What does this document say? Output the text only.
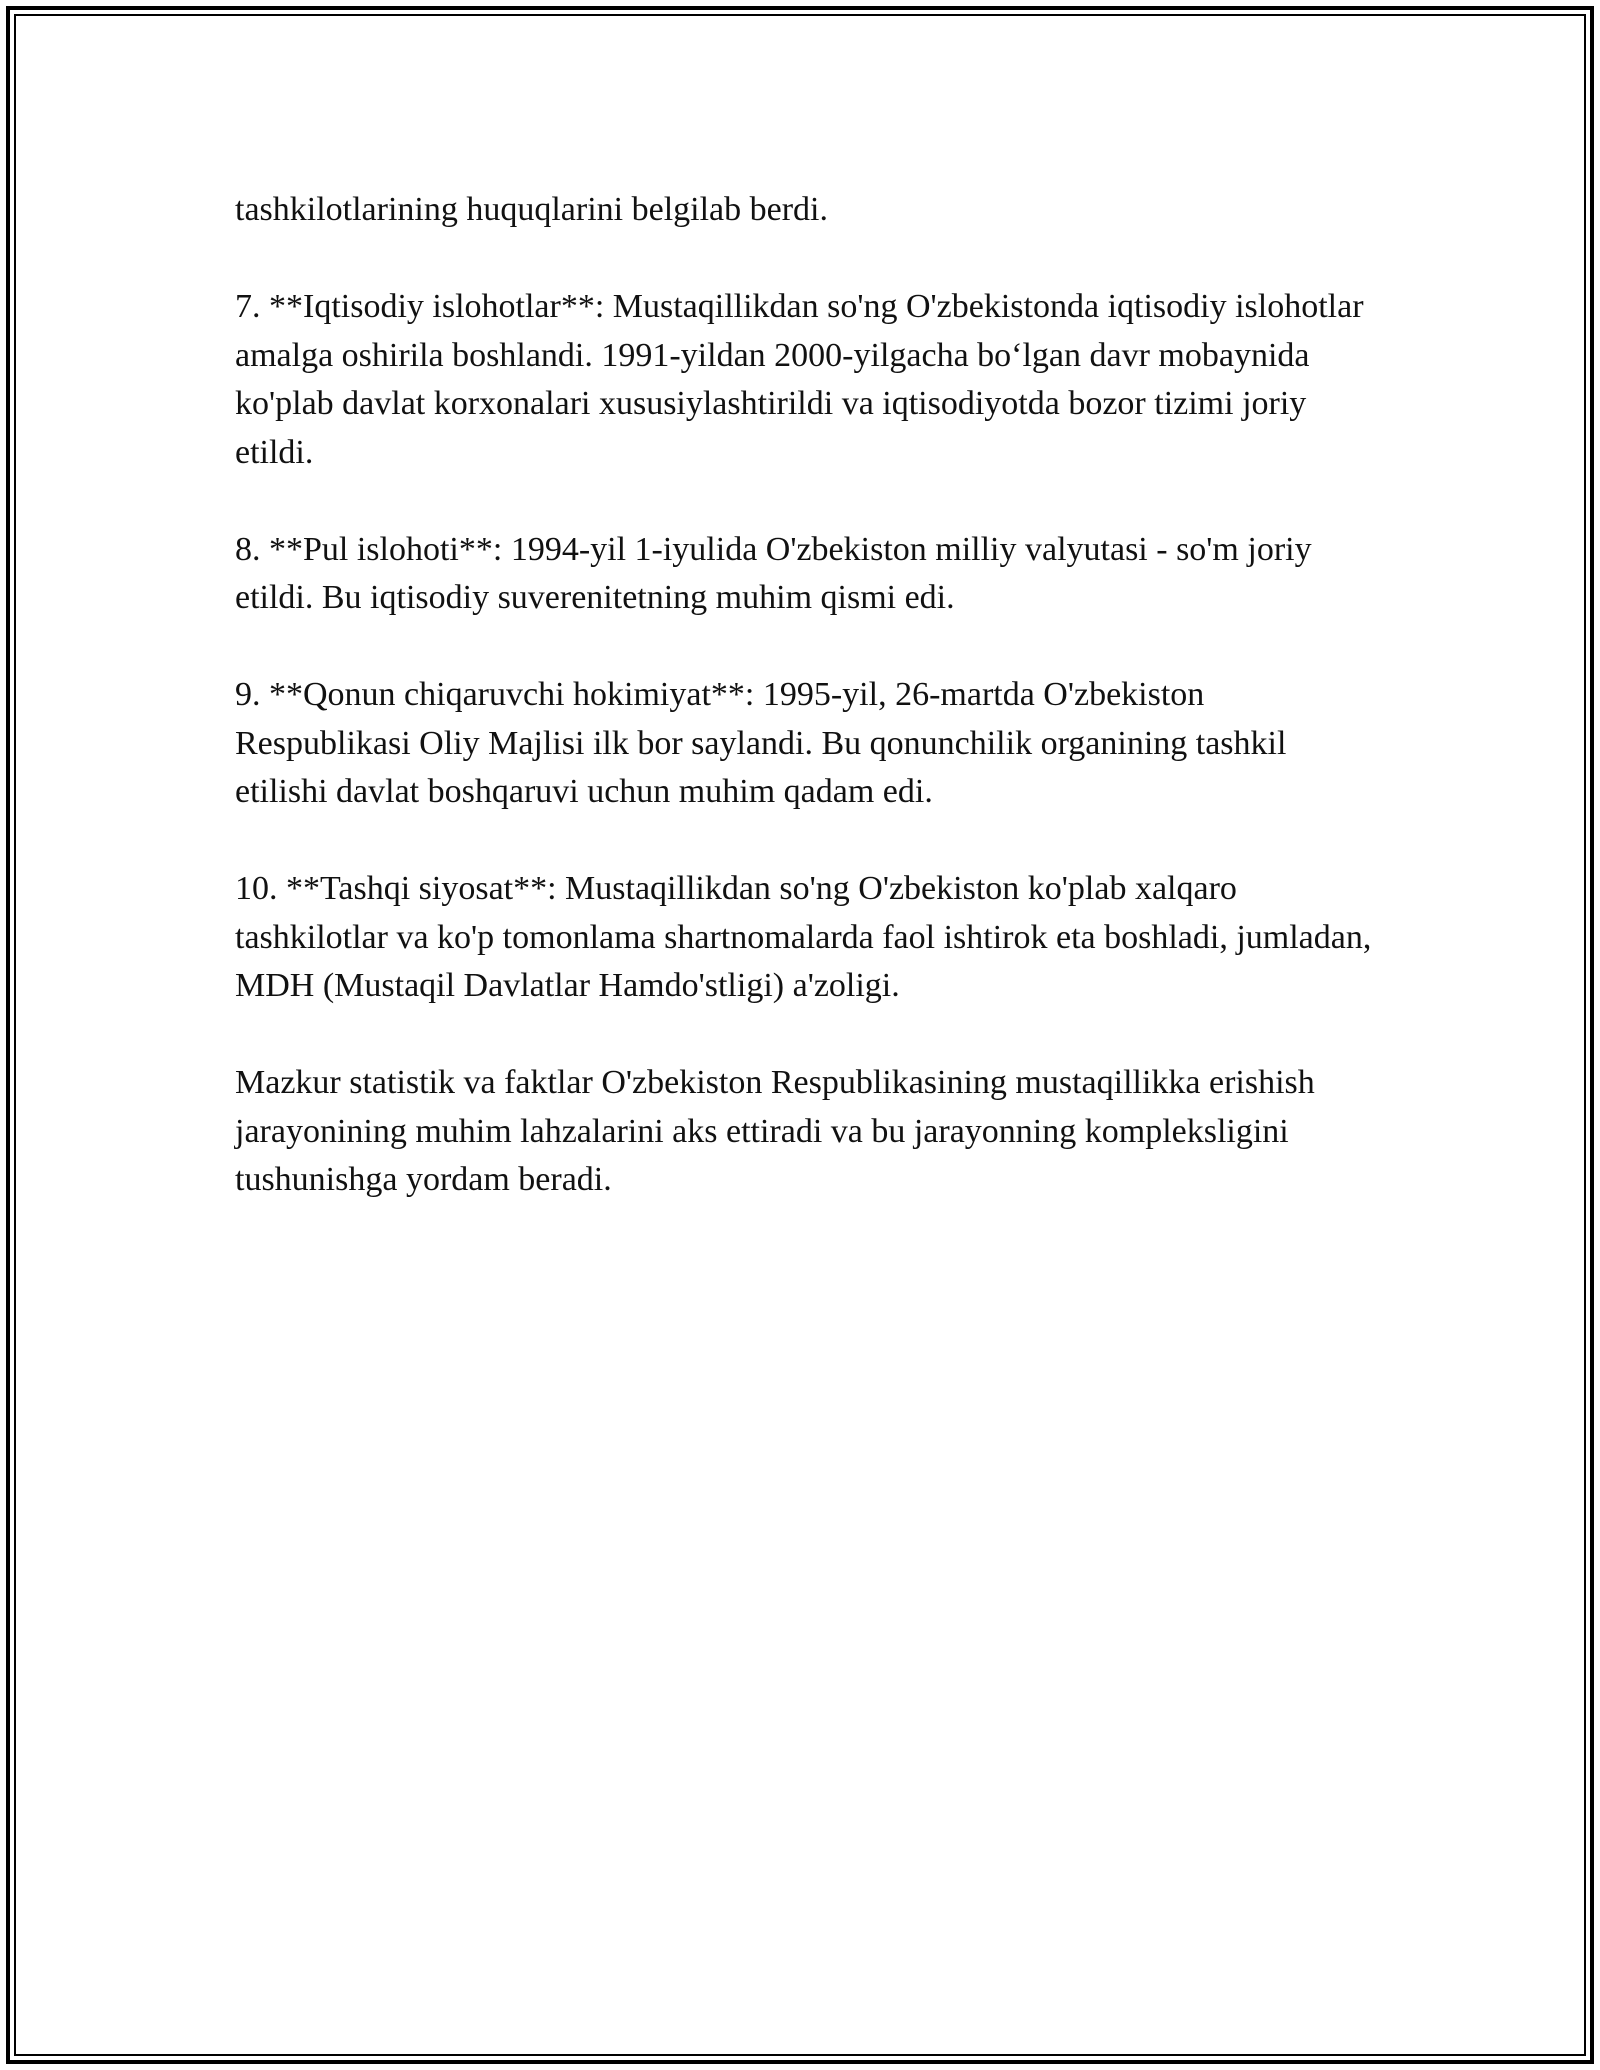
tashkilotlarining huquqlarini belgilab berdi.

7. **Iqtisodiy islohotlar**: Mustaqillikdan so'ng O'zbekistonda iqtisodiy islohotlar amalga oshirila boshlandi. 1991-yildan 2000-yilgacha bo‘lgan davr mobaynida ko'plab davlat korxonalari xususiylashtirildi va iqtisodiyotda bozor tizimi joriy etildi.

8. **Pul islohoti**: 1994-yil 1-iyulida O'zbekiston milliy valyutasi - so'm joriy etildi. Bu iqtisodiy suverenitetning muhim qismi edi.

9. **Qonun chiqaruvchi hokimiyat**: 1995-yil, 26-martda O'zbekiston Respublikasi Oliy Majlisi ilk bor saylandi. Bu qonunchilik organining tashkil etilishi davlat boshqaruvi uchun muhim qadam edi.

10. **Tashqi siyosat**: Mustaqillikdan so'ng O'zbekiston ko'plab xalqaro tashkilotlar va ko'p tomonlama shartnomalarda faol ishtirok eta boshladi, jumladan, MDH (Mustaqil Davlatlar Hamdo'stligi) a'zoligi.

Mazkur statistik va faktlar O'zbekiston Respublikasining mustaqillikka erishish jarayonining muhim lahzalarini aks ettiradi va bu jarayonning kompleksligini tushunishga yordam beradi.
